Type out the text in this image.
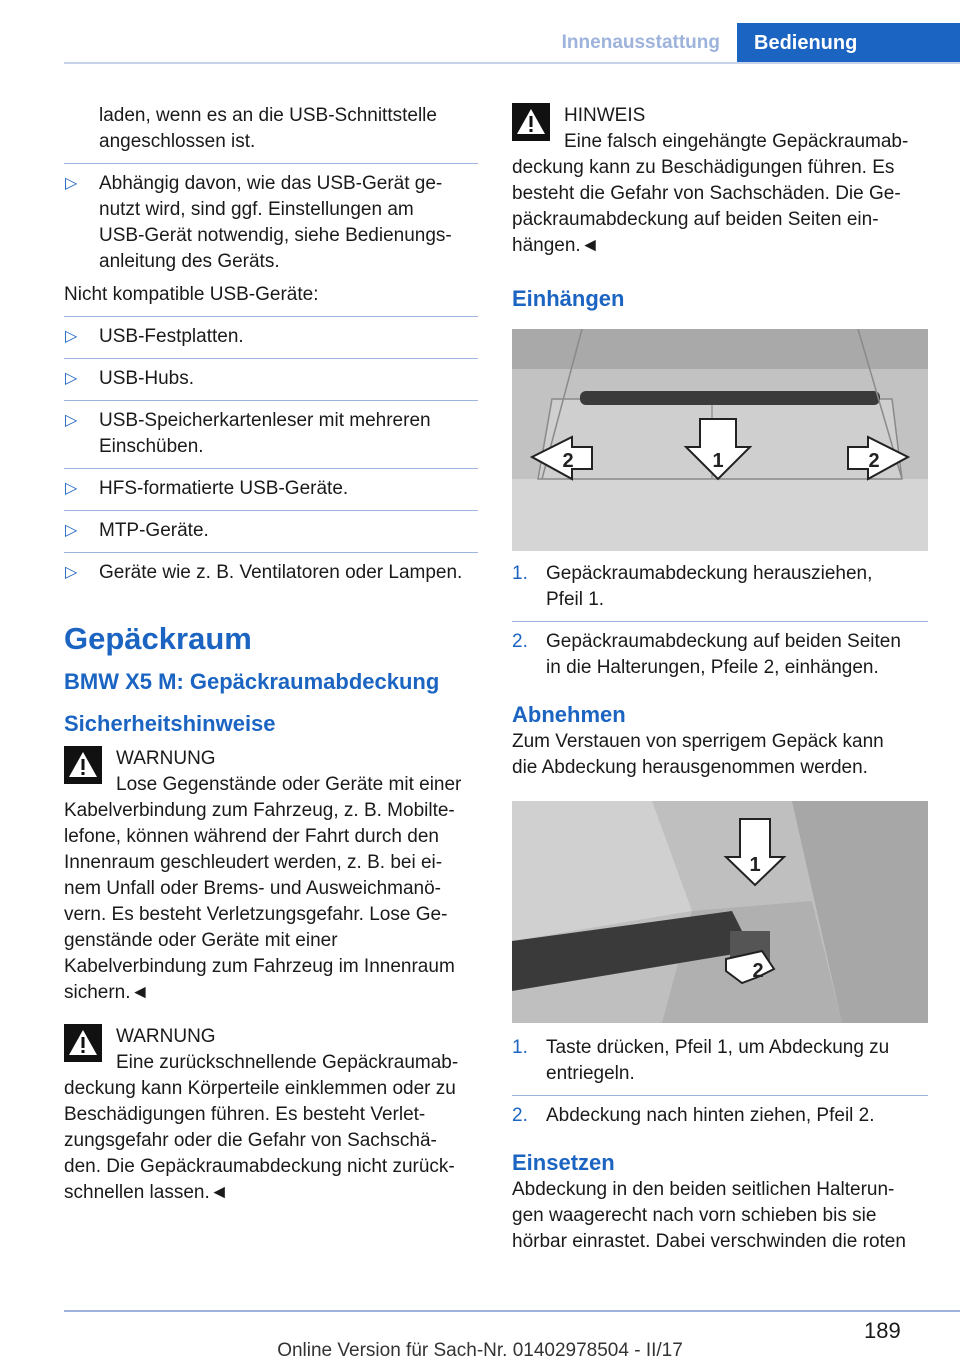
Innenausstattung	Bedienung
laden, wenn es an die USB-Schnittstelle
angeschlossen ist.
▷ Abhängig davon, wie das USB-Gerät ge-
nutzt wird, sind ggf. Einstellungen am
USB-Gerät notwendig, siehe Bedienungs-
anleitung des Geräts.

Nicht kompatible USB-Geräte:

▷ USB-Festplatten.
▷ USB-Hubs.
▷ USB-Speicherkartenleser mit mehreren
Einschüben.
▷ HFS-formatierte USB-Geräte.
▷ MTP-Geräte.
▷ Geräte wie z. B. Ventilatoren oder Lampen.
Gepäckraum
BMW X5 M: Gepäckraumabdeckung
Sicherheitshinweise
WARNUNG
Lose Gegenstände oder Geräte mit einer
Kabelverbindung zum Fahrzeug, z. B. Mobilte-
lefone, können während der Fahrt durch den
Innenraum geschleudert werden, z. B. bei ei-
nem Unfall oder Brems- und Ausweichmanö-
vern. Es besteht Verletzungsgefahr. Lose Ge-
genstände oder Geräte mit einer
Kabelverbindung zum Fahrzeug im Innenraum
sichern.◄
WARNUNG
Eine zurückschnellende Gepäckraumab-
deckung kann Körperteile einklemmen oder zu
Beschädigungen führen. Es besteht Verlet-
zungsgefahr oder die Gefahr von Sachschä-
den. Die Gepäckraumabdeckung nicht zurück-
schnellen lassen.◄
HINWEIS
Eine falsch eingehängte Gepäckraumab-
deckung kann zu Beschädigungen führen. Es
besteht die Gefahr von Sachschäden. Die Ge-
päckraumabdeckung auf beiden Seiten ein-
hängen.◄
Einhängen
1
2	2
1. Gepäckraumabdeckung herausziehen,
Pfeil 1.
2. Gepäckraumabdeckung auf beiden Seiten
in die Halterungen, Pfeile 2, einhängen.
Abnehmen
Zum Verstauen von sperrigem Gepäck kann
die Abdeckung herausgenommen werden.
1
2
1. Taste drücken, Pfeil 1, um Abdeckung zu
entriegeln.
2. Abdeckung nach hinten ziehen, Pfeil 2.
Einsetzen
Abdeckung in den beiden seitlichen Halterun-
gen waagerecht nach vorn schieben bis sie
hörbar einrastet. Dabei verschwinden die roten
189
Online Version für Sach-Nr. 01402978504 - II/17
